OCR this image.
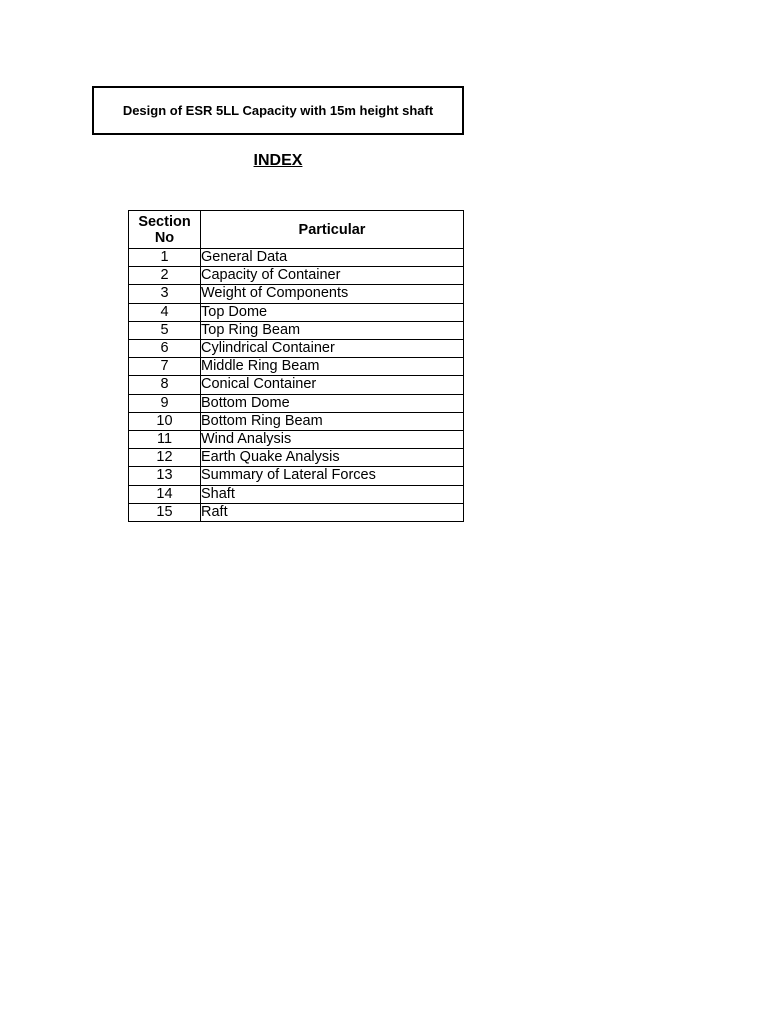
Design of ESR 5LL Capacity with 15m height shaft
INDEX
Section
No	Particular
1	General Data
2	Capacity of Container
3	Weight of Components
4	Top Dome
5	Top Ring Beam
6	Cylindrical Container
7	Middle Ring Beam
8	Conical Container
9	Bottom Dome
10	Bottom Ring Beam
11	Wind Analysis
12	Earth Quake Analysis
13	Summary of Lateral Forces
14	Shaft
15	Raft
